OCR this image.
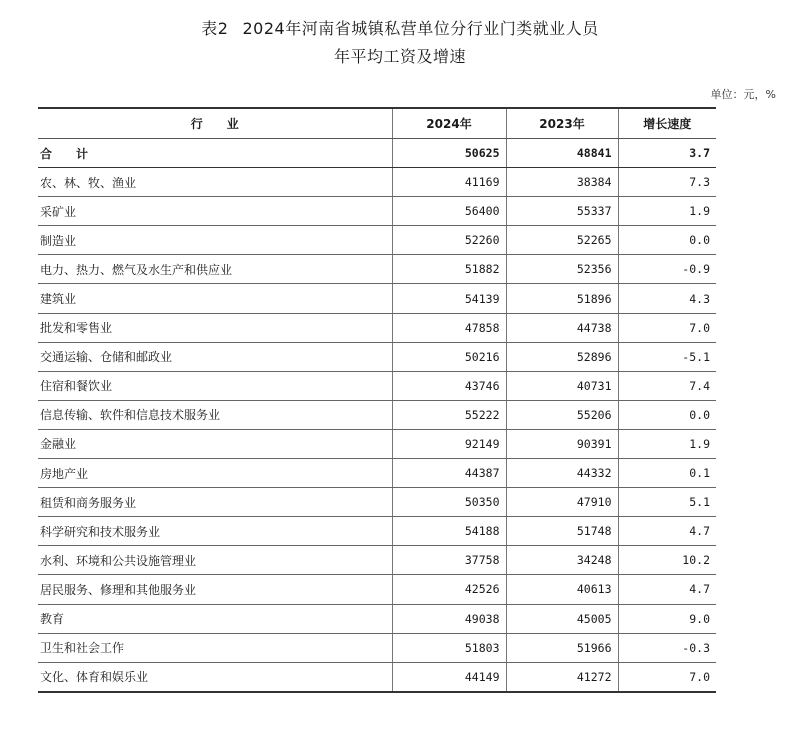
表2 2024年河南省城镇私营单位分行业门类就业人员
年平均工资及增速
单位：元，%
行　　业	2024年	2023年	增长速度
合　　计	50625	48841	3.7
农、林、牧、渔业	41169	38384	7.3
采矿业	56400	55337	1.9
制造业	52260	52265	0.0
电力、热力、燃气及水生产和供应业	51882	52356	-0.9
建筑业	54139	51896	4.3
批发和零售业	47858	44738	7.0
交通运输、仓储和邮政业	50216	52896	-5.1
住宿和餐饮业	43746	40731	7.4
信息传输、软件和信息技术服务业	55222	55206	0.0
金融业	92149	90391	1.9
房地产业	44387	44332	0.1
租赁和商务服务业	50350	47910	5.1
科学研究和技术服务业	54188	51748	4.7
水利、环境和公共设施管理业	37758	34248	10.2
居民服务、修理和其他服务业	42526	40613	4.7
教育	49038	45005	9.0
卫生和社会工作	51803	51966	-0.3
文化、体育和娱乐业	44149	41272	7.0
